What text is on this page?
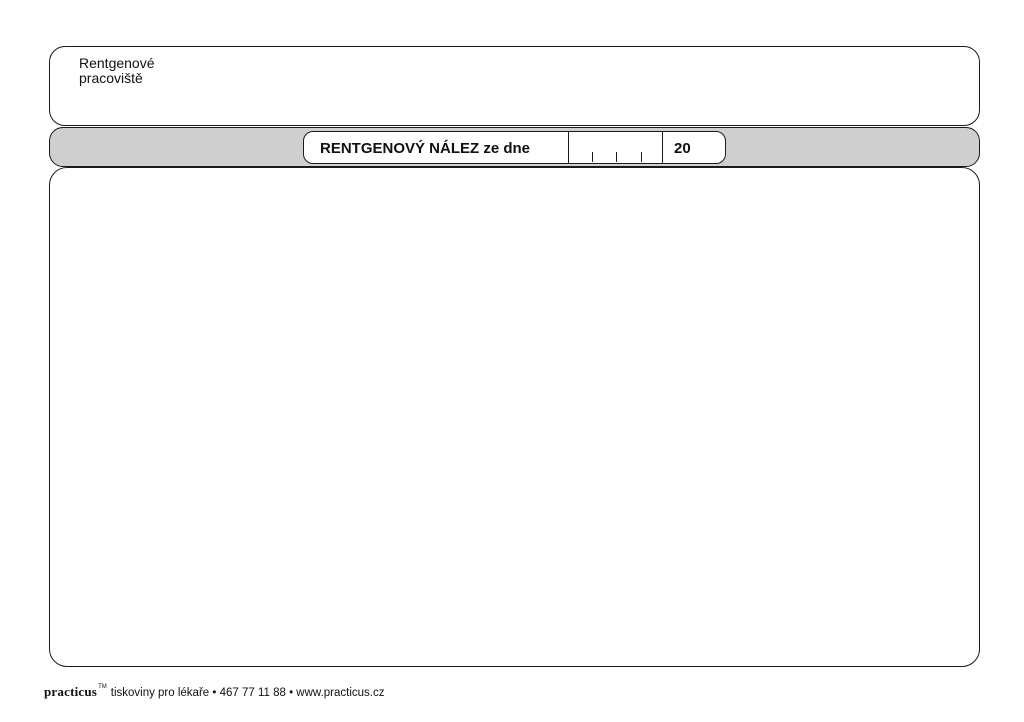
Rentgenové pracoviště
RENTGENOVÝ NÁLEZ ze dne	20
practicus™ tiskoviny pro lékaře • 467 77 11 88 • www.practicus.cz
